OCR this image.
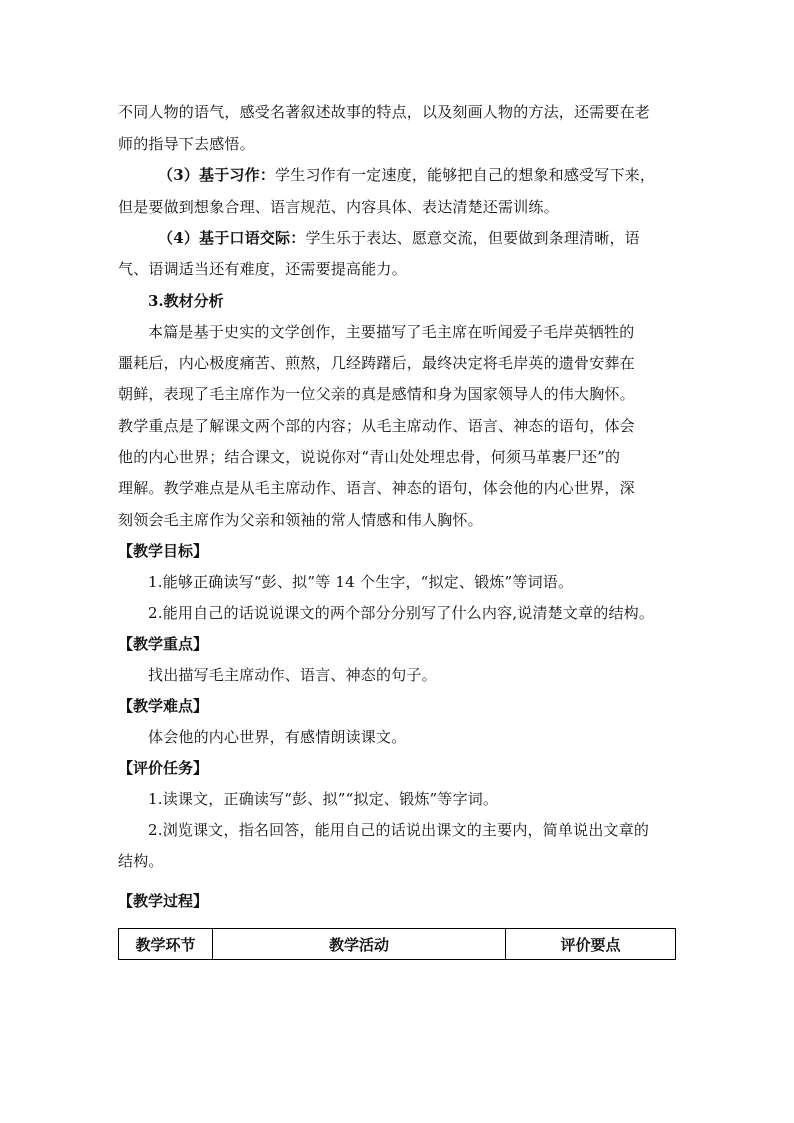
不同人物的语气，感受名著叙述故事的特点，以及刻画人物的方法，还需要在老
师的指导下去感悟。
（3）基于习作：学生习作有一定速度，能够把自己的想象和感受写下来，
但是要做到想象合理、语言规范、内容具体、表达清楚还需训练。
（4）基于口语交际：学生乐于表达、愿意交流，但要做到条理清晰，语
气、语调适当还有难度，还需要提高能力。
3.教材分析
本篇是基于史实的文学创作，主要描写了毛主席在听闻爱子毛岸英牺牲的
噩耗后，内心极度痛苦、煎熬，几经踌躇后，最终决定将毛岸英的遗骨安葬在
朝鲜，表现了毛主席作为一位父亲的真是感情和身为国家领导人的伟大胸怀。
教学重点是了解课文两个部的内容；从毛主席动作、语言、神态的语句，体会
他的内心世界；结合课文，说说你对“青山处处埋忠骨，何须马革裹尸还”的
理解。教学难点是从毛主席动作、语言、神态的语句，体会他的内心世界，深
刻领会毛主席作为父亲和领袖的常人情感和伟人胸怀。
【教学目标】
1.能够正确读写“彭、拟”等 14 个生字，“拟定、锻炼”等词语。
2.能用自己的话说说课文的两个部分分别写了什么内容,说清楚文章的结构。
【教学重点】
找出描写毛主席动作、语言、神态的句子。
【教学难点】
体会他的内心世界，有感情朗读课文。
【评价任务】
1.读课文，正确读写“彭、拟”“拟定、锻炼”等字词。
2.浏览课文，指名回答，能用自己的话说出课文的主要内，简单说出文章的
结构。
【教学过程】
教学环节	教学活动	评价要点
